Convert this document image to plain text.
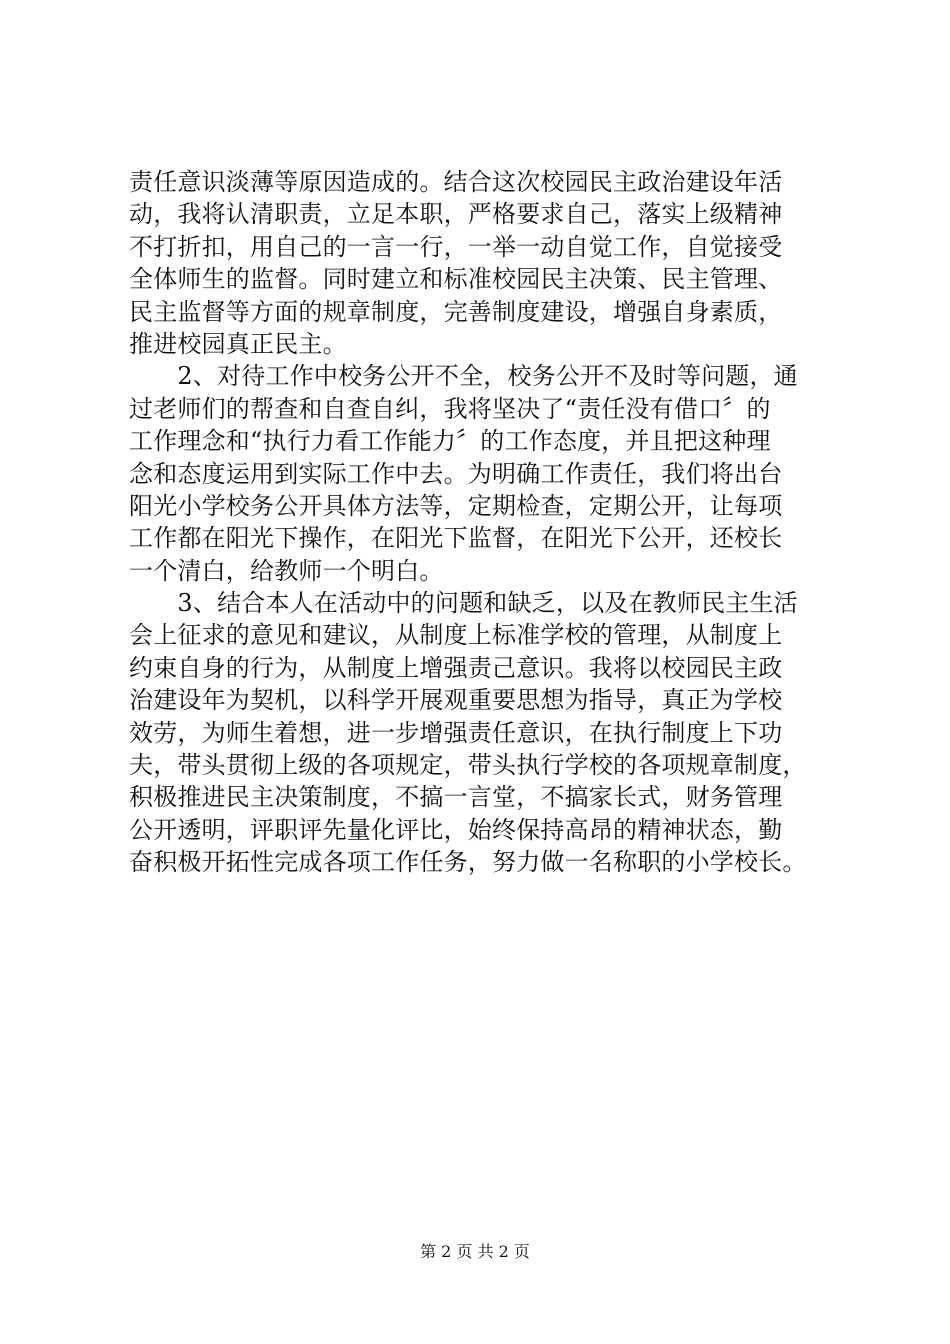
责任意识淡薄等原因造成的。结合这次校园民主政治建设年活
动，我将认清职责，立足本职，严格要求自己，落实上级精神
不打折扣，用自己的一言一行，一举一动自觉工作，自觉接受
全体师生的监督。同时建立和标准校园民主决策、民主管理、
民主监督等方面的规章制度，完善制度建设，增强自身素质，
推进校园真正民主。
　　2、对待工作中校务公开不全，校务公开不及时等问题，通
过老师们的帮查和自查自纠，我将坚决了“责任没有借口〞的
工作理念和“执行力看工作能力〞的工作态度，并且把这种理
念和态度运用到实际工作中去。为明确工作责任，我们将出台
阳光小学校务公开具体方法等，定期检查，定期公开，让每项
工作都在阳光下操作，在阳光下监督，在阳光下公开，还校长
一个清白，给教师一个明白。
　　3、结合本人在活动中的问题和缺乏，以及在教师民主生活
会上征求的意见和建议，从制度上标准学校的管理，从制度上
约束自身的行为，从制度上增强责己意识。我将以校园民主政
治建设年为契机，以科学开展观重要思想为指导，真正为学校
效劳，为师生着想，进一步增强责任意识，在执行制度上下功
夫，带头贯彻上级的各项规定，带头执行学校的各项规章制度，
积极推进民主决策制度，不搞一言堂，不搞家长式，财务管理
公开透明，评职评先量化评比，始终保持高昂的精神状态，勤
奋积极开拓性完成各项工作任务，努力做一名称职的小学校长。
第 2 页 共 2 页
